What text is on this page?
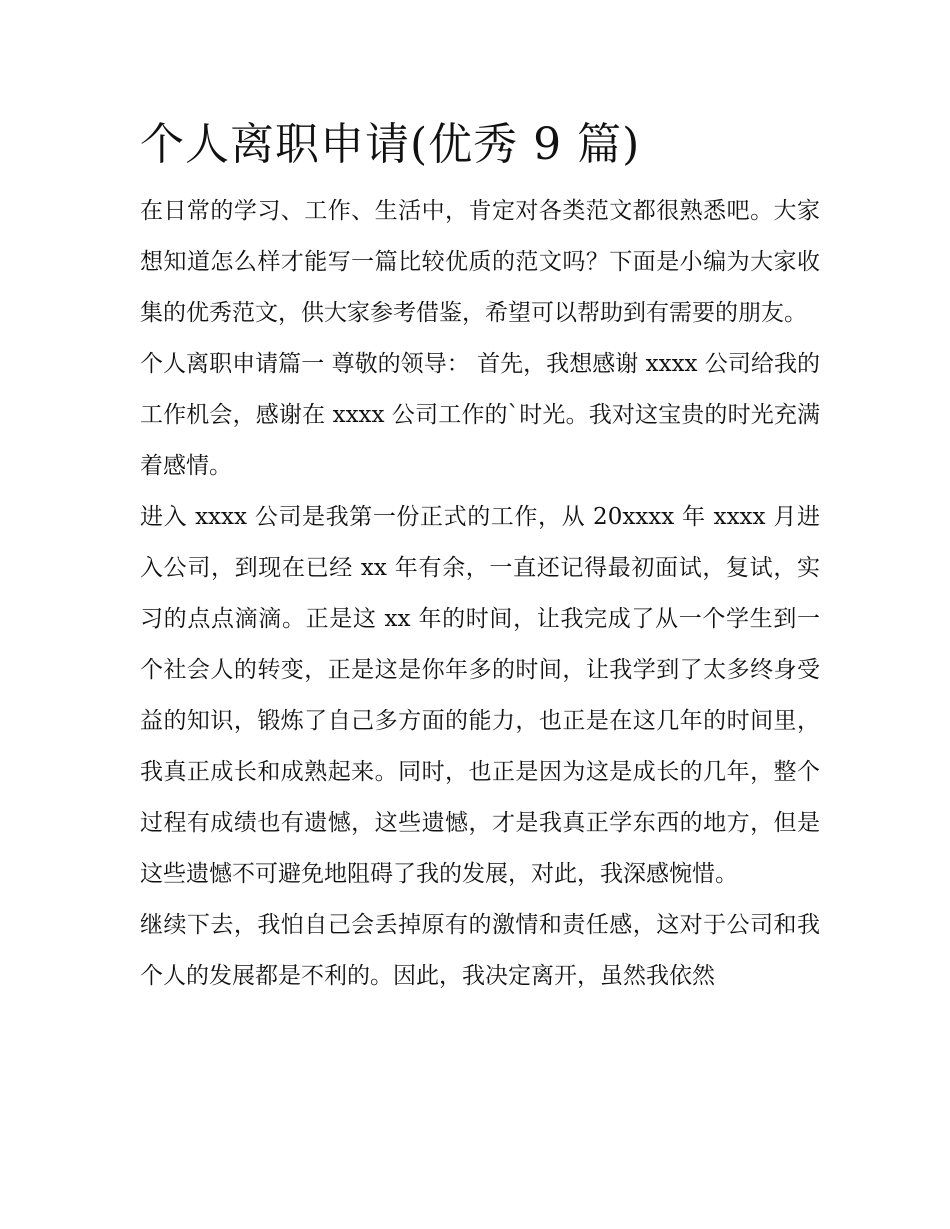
个人离职申请(优秀 9 篇)

在日常的学习、工作、生活中，肯定对各类范文都很熟悉吧。大家想知道怎么样才能写一篇比较优质的范文吗？下面是小编为大家收集的优秀范文，供大家参考借鉴，希望可以帮助到有需要的朋友。

个人离职申请篇一 尊敬的领导： 首先，我想感谢 xxxx 公司给我的工作机会，感谢在 xxxx 公司工作的`时光。我对这宝贵的时光充满着感情。

进入 xxxx 公司是我第一份正式的工作，从 20xxxx 年 xxxx 月进入公司，到现在已经 xx 年有余，一直还记得最初面试，复试，实习的点点滴滴。正是这 xx 年的时间，让我完成了从一个学生到一个社会人的转变，正是这是你年多的时间，让我学到了太多终身受益的知识，锻炼了自己多方面的能力，也正是在这几年的时间里，我真正成长和成熟起来。同时，也正是因为这是成长的几年，整个过程有成绩也有遗憾，这些遗憾，才是我真正学东西的地方，但是这些遗憾不可避免地阻碍了我的发展，对此，我深感惋惜。

继续下去，我怕自己会丢掉原有的激情和责任感，这对于公司和我个人的发展都是不利的。因此，我决定离开，虽然我依然
